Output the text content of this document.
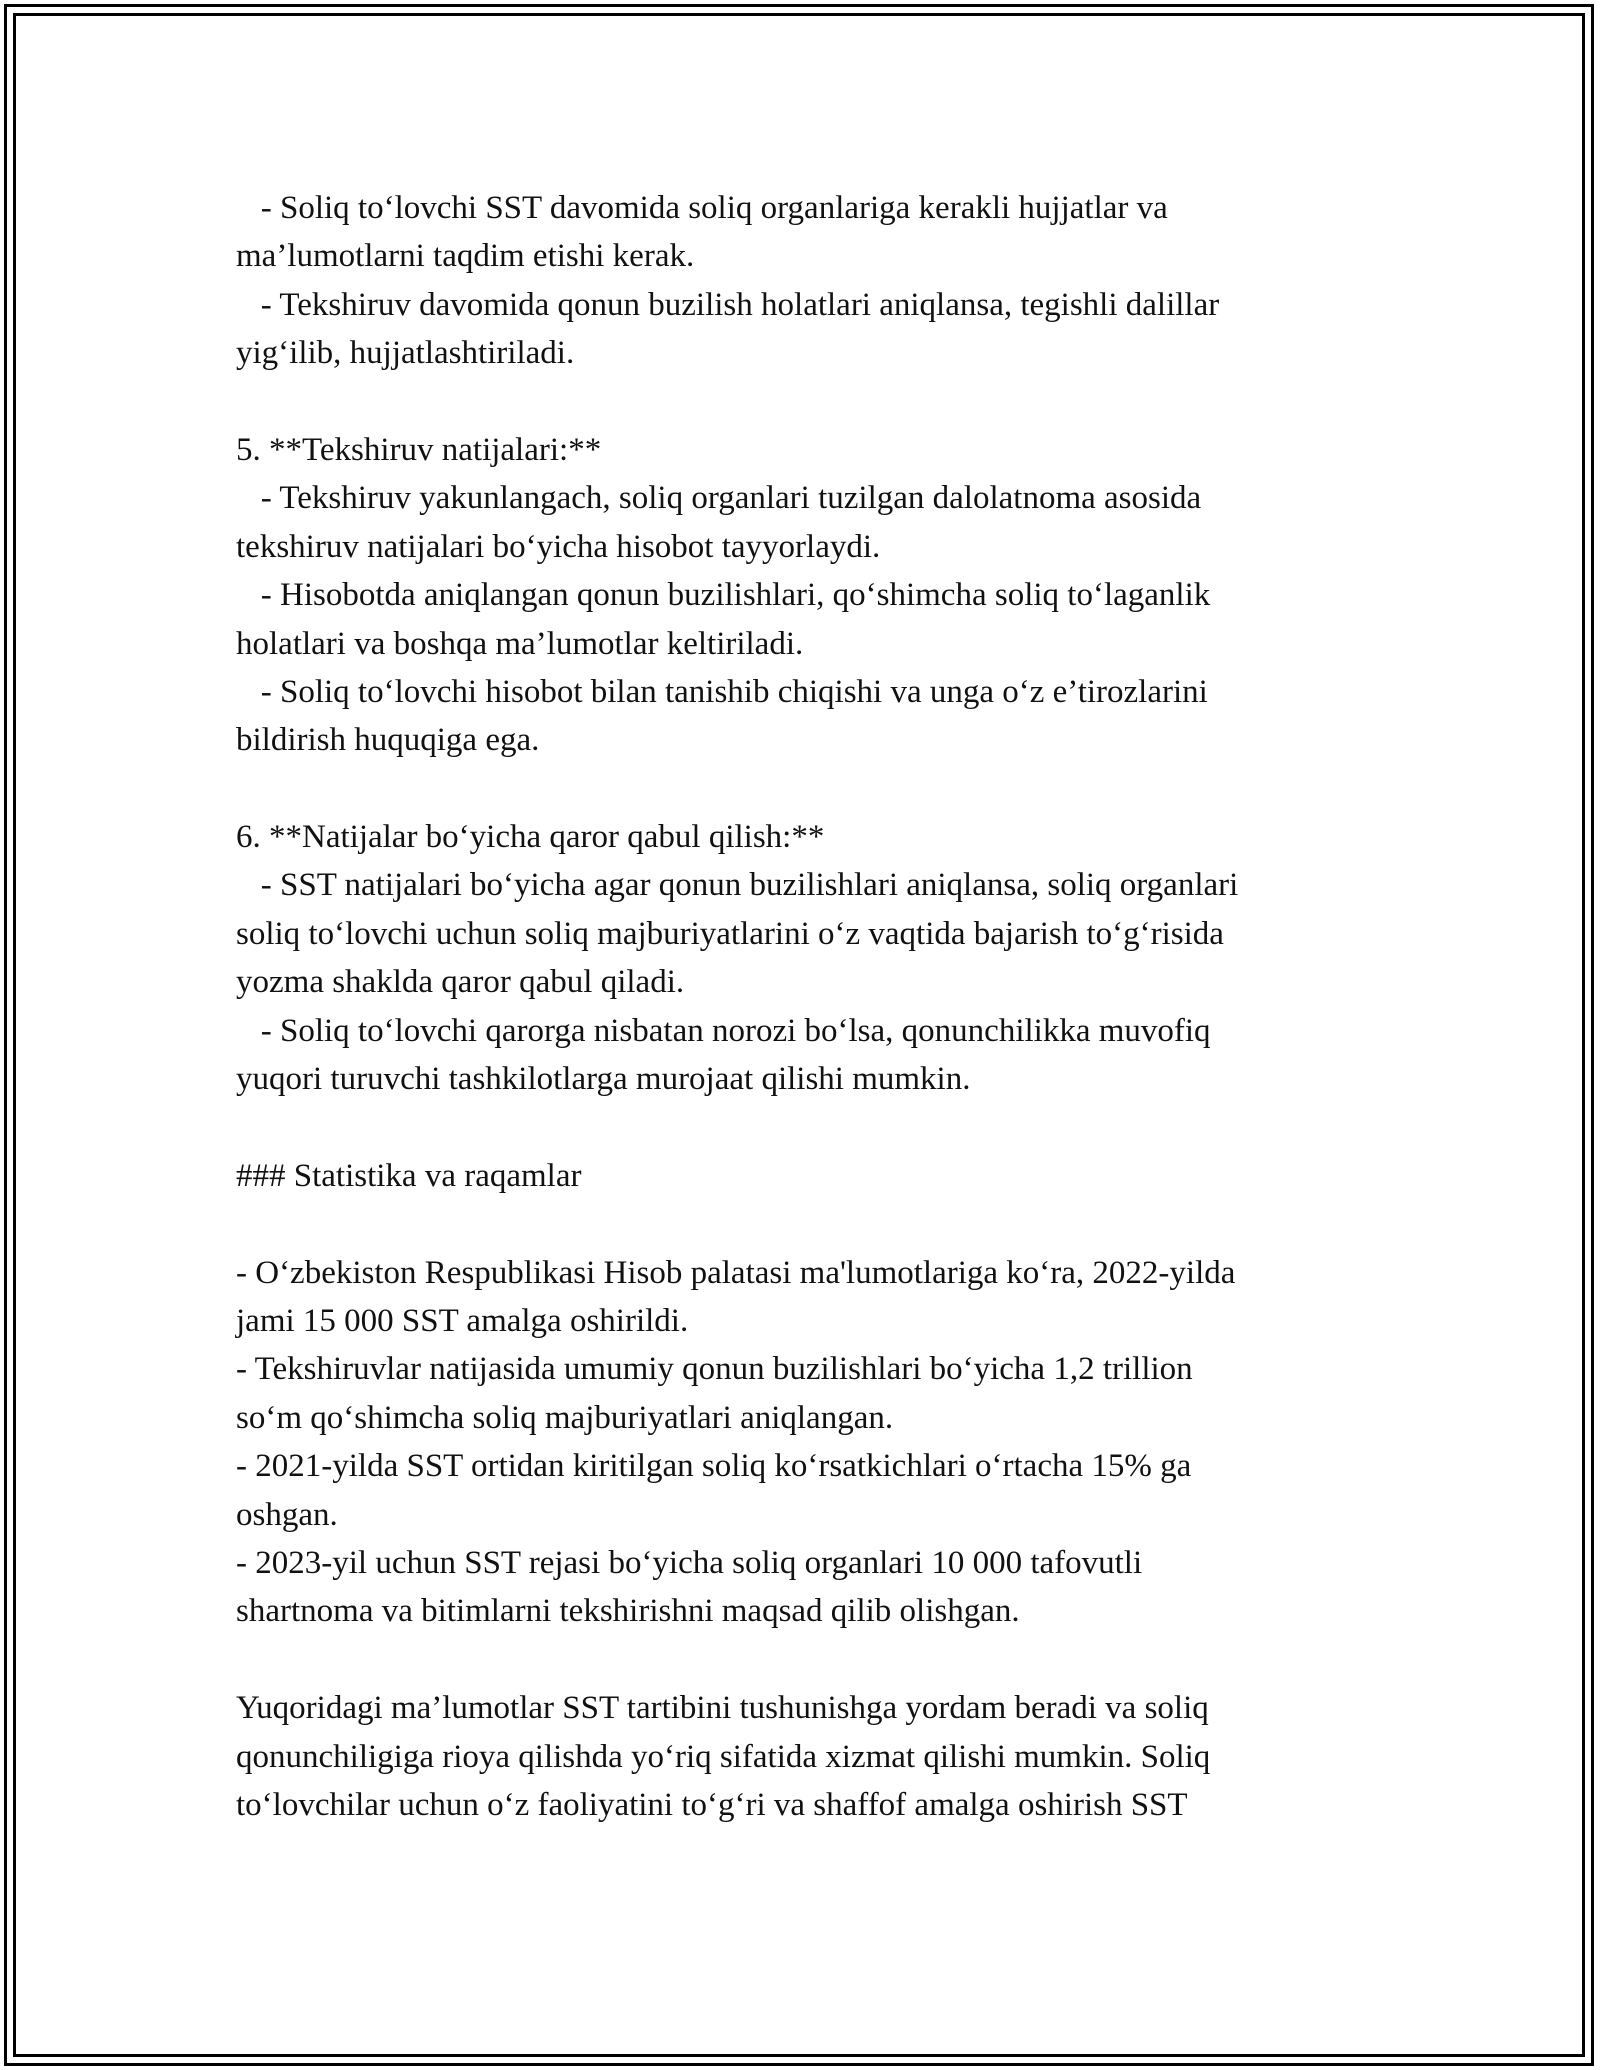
- Soliq to‘lovchi SST davomida soliq organlariga kerakli hujjatlar va
ma’lumotlarni taqdim etishi kerak.
- Tekshiruv davomida qonun buzilish holatlari aniqlansa, tegishli dalillar
yig‘ilib, hujjatlashtiriladi.
5. **Tekshiruv natijalari:**
- Tekshiruv yakunlangach, soliq organlari tuzilgan dalolatnoma asosida
tekshiruv natijalari bo‘yicha hisobot tayyorlaydi.
- Hisobotda aniqlangan qonun buzilishlari, qo‘shimcha soliq to‘laganlik
holatlari va boshqa ma’lumotlar keltiriladi.
- Soliq to‘lovchi hisobot bilan tanishib chiqishi va unga o‘z e’tirozlarini
bildirish huquqiga ega.
6. **Natijalar bo‘yicha qaror qabul qilish:**
- SST natijalari bo‘yicha agar qonun buzilishlari aniqlansa, soliq organlari
soliq to‘lovchi uchun soliq majburiyatlarini o‘z vaqtida bajarish to‘g‘risida
yozma shaklda qaror qabul qiladi.
- Soliq to‘lovchi qarorga nisbatan norozi bo‘lsa, qonunchilikka muvofiq
yuqori turuvchi tashkilotlarga murojaat qilishi mumkin.
### Statistika va raqamlar
- O‘zbekiston Respublikasi Hisob palatasi ma'lumotlariga ko‘ra, 2022-yilda
jami 15 000 SST amalga oshirildi.
- Tekshiruvlar natijasida umumiy qonun buzilishlari bo‘yicha 1,2 trillion
so‘m qo‘shimcha soliq majburiyatlari aniqlangan.
- 2021-yilda SST ortidan kiritilgan soliq ko‘rsatkichlari o‘rtacha 15% ga
oshgan.
- 2023-yil uchun SST rejasi bo‘yicha soliq organlari 10 000 tafovutli
shartnoma va bitimlarni tekshirishni maqsad qilib olishgan.
Yuqoridagi ma’lumotlar SST tartibini tushunishga yordam beradi va soliq
qonunchiligiga rioya qilishda yo‘riq sifatida xizmat qilishi mumkin. Soliq
to‘lovchilar uchun o‘z faoliyatini to‘g‘ri va shaffof amalga oshirish SST
